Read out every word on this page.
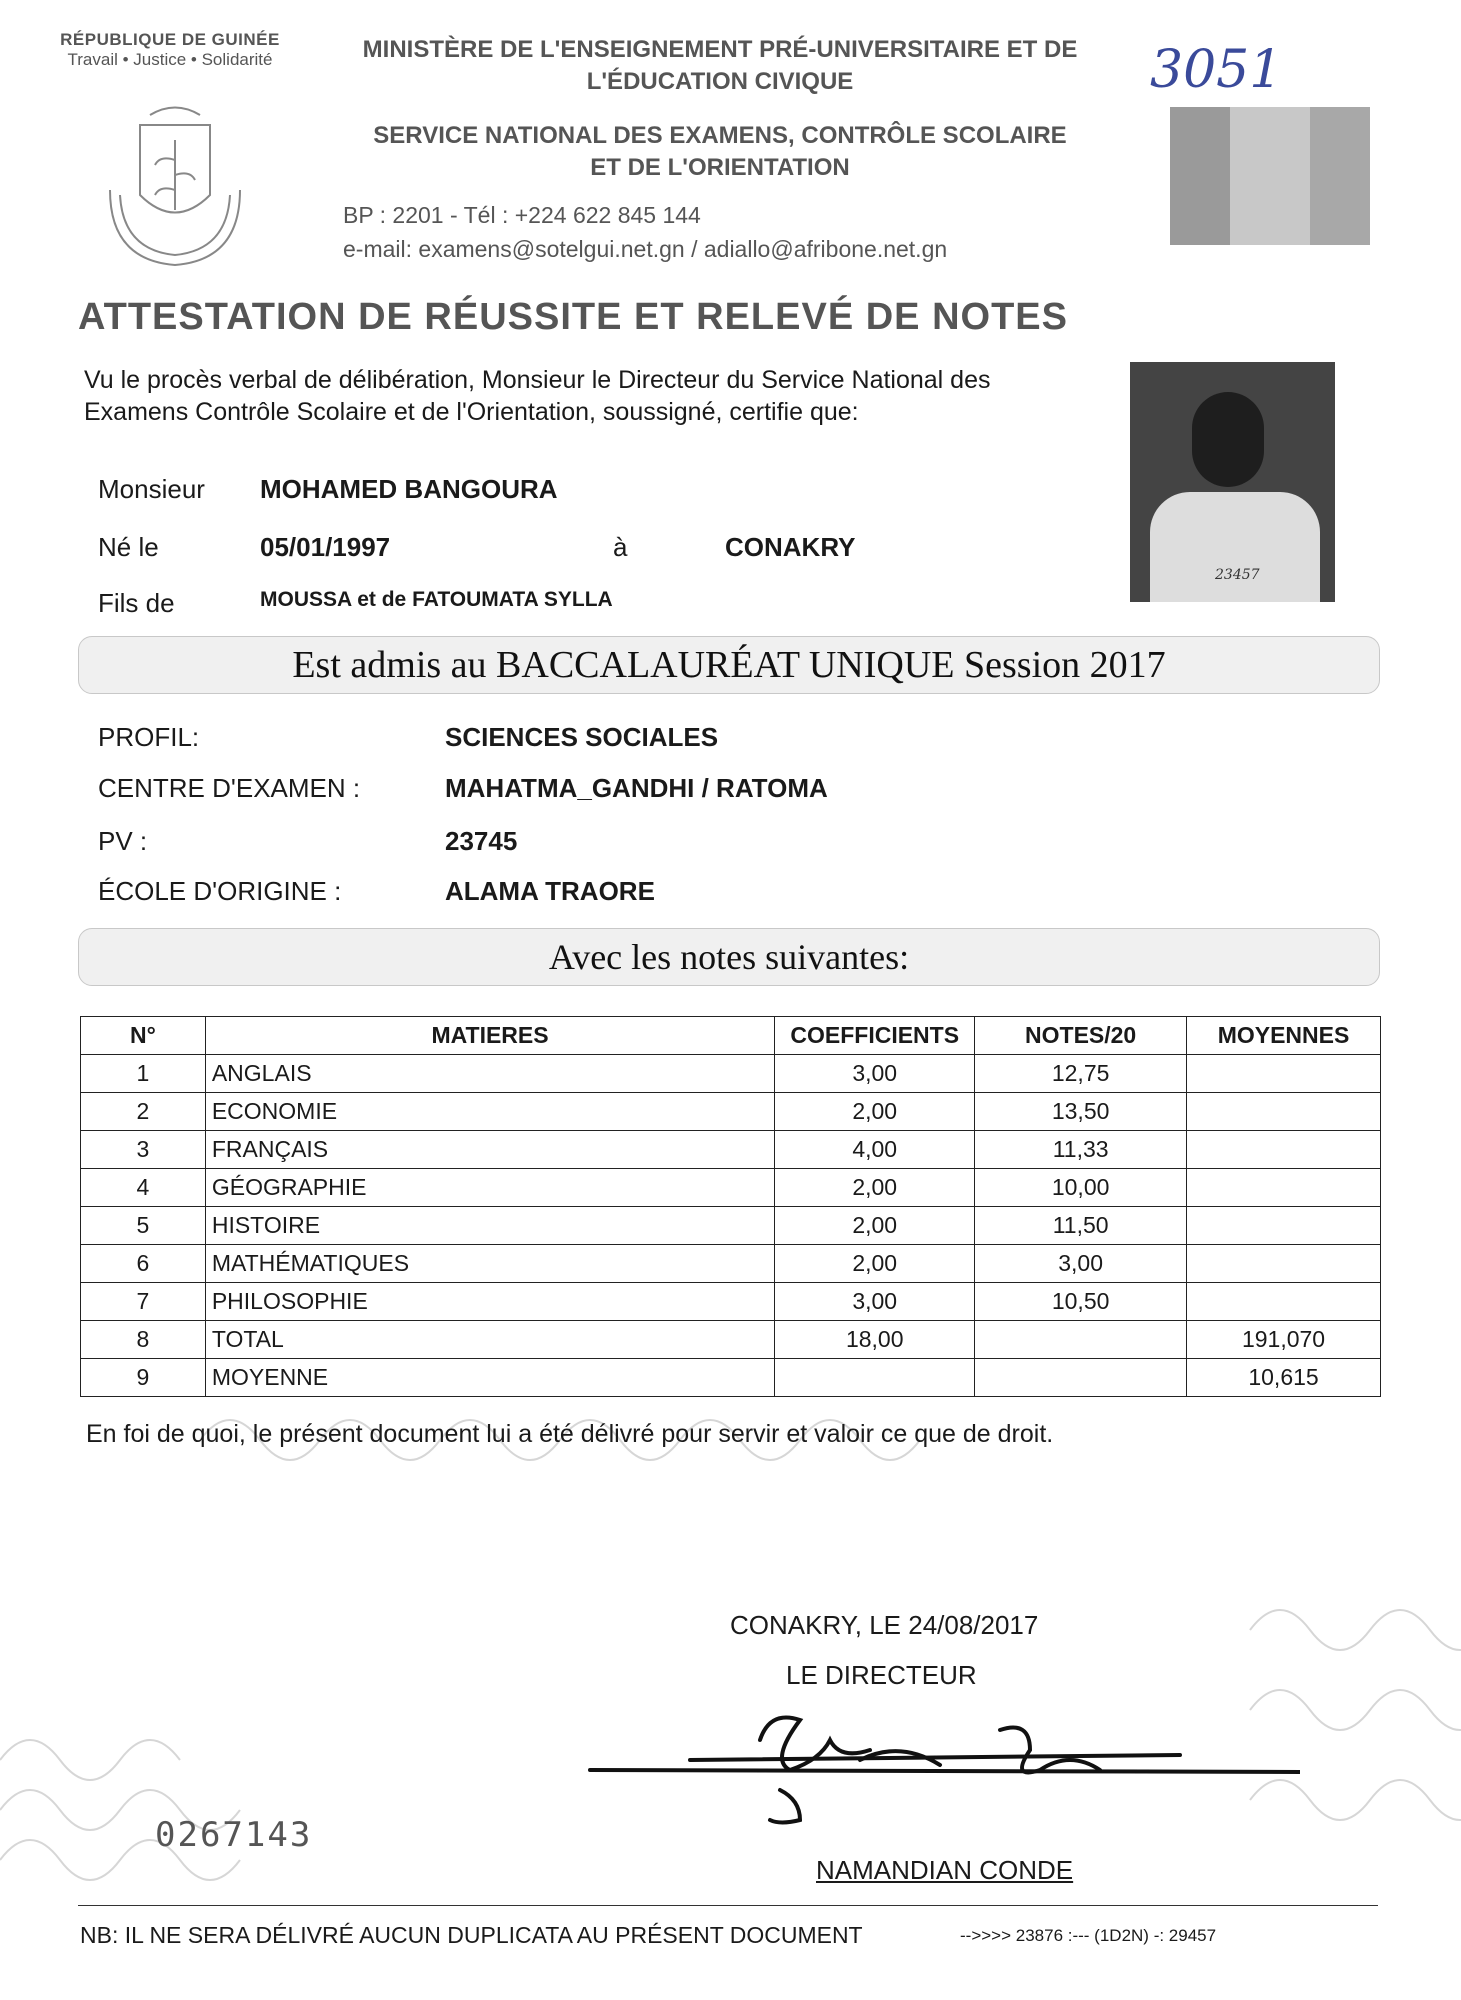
RÉPUBLIQUE DE GUINÉE
Travail • Justice • Solidarité	MINISTÈRE DE L'ENSEIGNEMENT PRÉ-UNIVERSITAIRE ET DE
L'ÉDUCATION CIVIQUE
SERVICE NATIONAL DES EXAMENS, CONTRÔLE SCOLAIRE
ET DE L'ORIENTATION
BP : 2201 - Tél : +224 622 845 144
e-mail: examens@sotelgui.net.gn / adiallo@afribone.net.gn
3051
ATTESTATION DE RÉUSSITE ET RELEVÉ DE NOTES
Vu le procès verbal de délibération, Monsieur le Directeur du Service National des Examens Contrôle Scolaire et de l'Orientation, soussigné, certifie que:
23457
Monsieur MOHAMED BANGOURA
Né le	05/01/1997	à	CONAKRY
Fils de	MOUSSA et de FATOUMATA SYLLA
Est admis au BACCALAURÉAT UNIQUE Session 2017
PROFIL:	SCIENCES SOCIALES
CENTRE D'EXAMEN :	MAHATMA_GANDHI / RATOMA
PV :	23745
ÉCOLE D'ORIGINE :	ALAMA TRAORE
Avec les notes suivantes:
N°	MATIERES	COEFFICIENTS	NOTES/20	MOYENNES
1	ANGLAIS	3,00	12,75	
2	ECONOMIE	2,00	13,50	
3	FRANÇAIS	4,00	11,33	
4	GÉOGRAPHIE	2,00	10,00	
5	HISTOIRE	2,00	11,50	
6	MATHÉMATIQUES	2,00	3,00	
7	PHILOSOPHIE	3,00	10,50	
8	TOTAL	18,00		191,070
9	MOYENNE			10,615
En foi de quoi, le présent document lui a été délivré pour servir et valoir ce que de droit.
CONAKRY, LE 24/08/2017
LE DIRECTEUR
0267143
NAMANDIAN CONDE
NB: IL NE SERA DÉLIVRÉ AUCUN DUPLICATA AU PRÉSENT DOCUMENT	-->>>> 23876 :--- (1D2N) -: 29457
